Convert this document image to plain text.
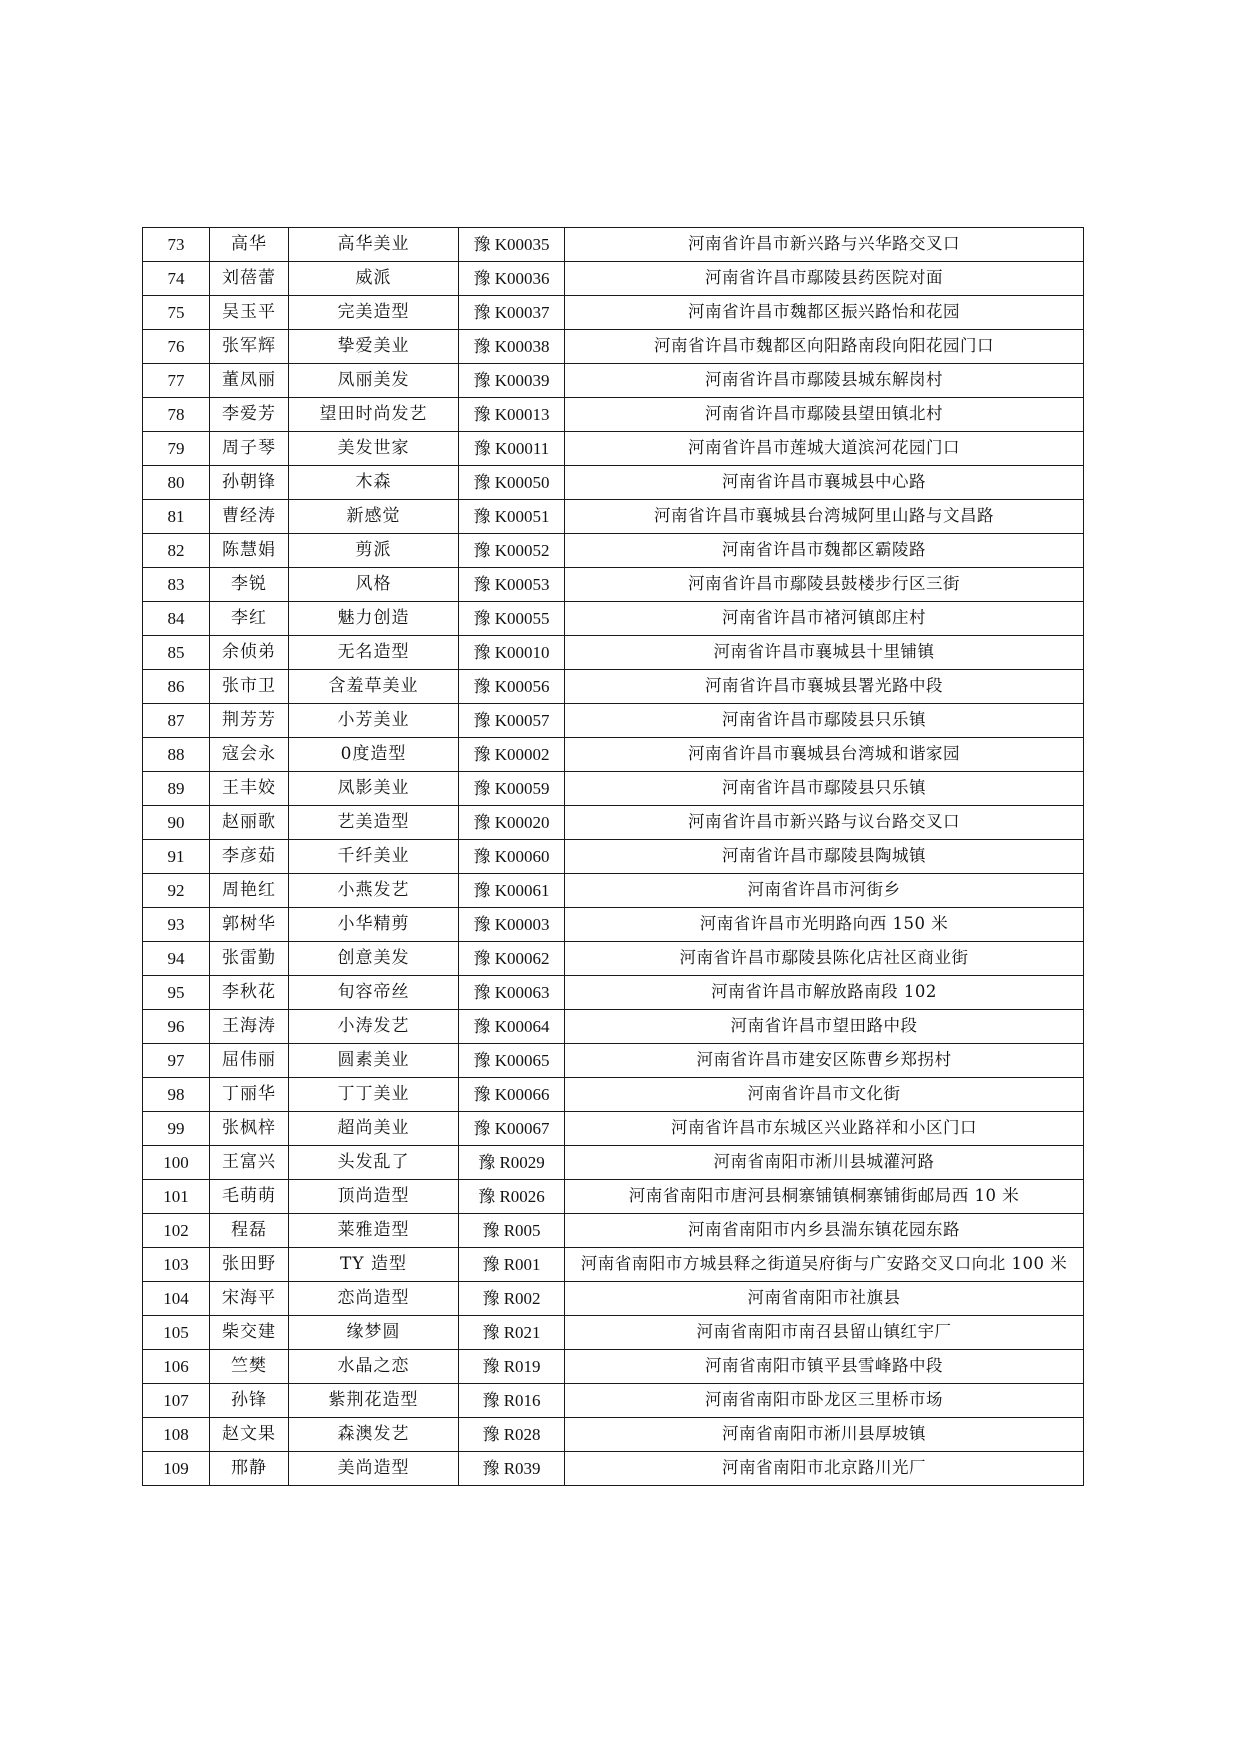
73	高华	高华美业	豫 K00035	河南省许昌市新兴路与兴华路交叉口
74	刘蓓蕾	威派	豫 K00036	河南省许昌市鄢陵县药医院对面
75	吴玉平	完美造型	豫 K00037	河南省许昌市魏都区振兴路怡和花园
76	张军辉	挚爱美业	豫 K00038	河南省许昌市魏都区向阳路南段向阳花园门口
77	董凤丽	凤丽美发	豫 K00039	河南省许昌市鄢陵县城东解岗村
78	李爱芳	望田时尚发艺	豫 K00013	河南省许昌市鄢陵县望田镇北村
79	周子琴	美发世家	豫 K00011	河南省许昌市莲城大道滨河花园门口
80	孙朝锋	木森	豫 K00050	河南省许昌市襄城县中心路
81	曹经涛	新感觉	豫 K00051	河南省许昌市襄城县台湾城阿里山路与文昌路
82	陈慧娟	剪派	豫 K00052	河南省许昌市魏都区霸陵路
83	李锐	风格	豫 K00053	河南省许昌市鄢陵县鼓楼步行区三街
84	李红	魅力创造	豫 K00055	河南省许昌市褚河镇郎庄村
85	余侦弟	无名造型	豫 K00010	河南省许昌市襄城县十里铺镇
86	张市卫	含羞草美业	豫 K00056	河南省许昌市襄城县署光路中段
87	荆芳芳	小芳美业	豫 K00057	河南省许昌市鄢陵县只乐镇
88	寇会永	0度造型	豫 K00002	河南省许昌市襄城县台湾城和谐家园
89	王丰姣	凤影美业	豫 K00059	河南省许昌市鄢陵县只乐镇
90	赵丽歌	艺美造型	豫 K00020	河南省许昌市新兴路与议台路交叉口
91	李彦茹	千纤美业	豫 K00060	河南省许昌市鄢陵县陶城镇
92	周艳红	小燕发艺	豫 K00061	河南省许昌市河街乡
93	郭树华	小华精剪	豫 K00003	河南省许昌市光明路向西 150 米
94	张雷勤	创意美发	豫 K00062	河南省许昌市鄢陵县陈化店社区商业街
95	李秋花	旬容帝丝	豫 K00063	河南省许昌市解放路南段 102
96	王海涛	小涛发艺	豫 K00064	河南省许昌市望田路中段
97	屈伟丽	圆素美业	豫 K00065	河南省许昌市建安区陈曹乡郑拐村
98	丁丽华	丁丁美业	豫 K00066	河南省许昌市文化街
99	张枫梓	超尚美业	豫 K00067	河南省许昌市东城区兴业路祥和小区门口
100	王富兴	头发乱了	豫 R0029	河南省南阳市淅川县城灌河路
101	毛萌萌	顶尚造型	豫 R0026	河南省南阳市唐河县桐寨铺镇桐寨铺街邮局西 10 米
102	程磊	莱雅造型	豫 R005	河南省南阳市内乡县湍东镇花园东路
103	张田野	TY 造型	豫 R001	河南省南阳市方城县释之街道吴府街与广安路交叉口向北 100 米
104	宋海平	恋尚造型	豫 R002	河南省南阳市社旗县
105	柴交建	缘梦圆	豫 R021	河南省南阳市南召县留山镇红宇厂
106	竺樊	水晶之恋	豫 R019	河南省南阳市镇平县雪峰路中段
107	孙锋	紫荆花造型	豫 R016	河南省南阳市卧龙区三里桥市场
108	赵文果	森澳发艺	豫 R028	河南省南阳市淅川县厚坡镇
109	邢静	美尚造型	豫 R039	河南省南阳市北京路川光厂
